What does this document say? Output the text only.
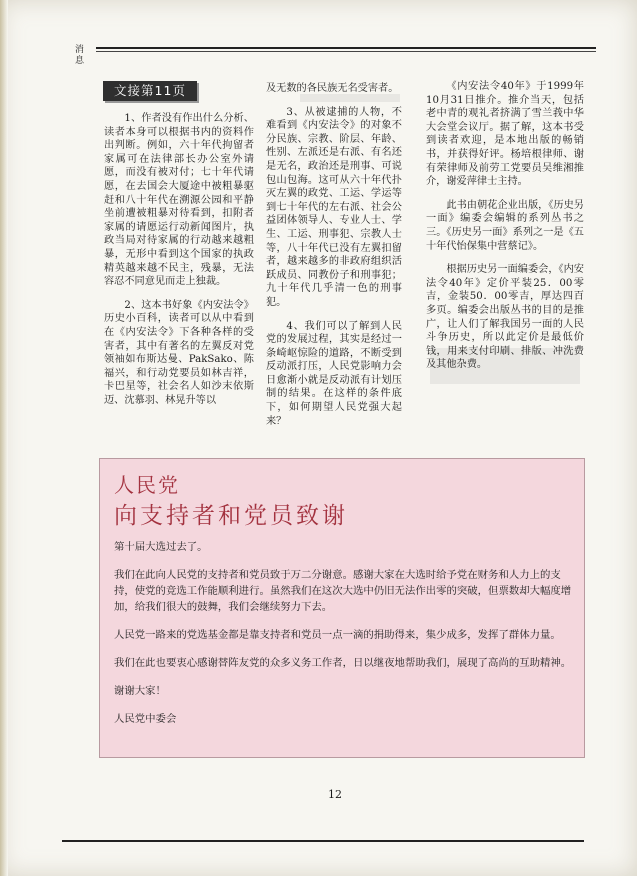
消息
文接第11页

1、作者没有作出什么分析、读者本身可以根据书内的资料作出判断。例如，六十年代拘留者家属可在法律部长办公室外请愿，而没有被对付；七十年代请愿，在去国会大厦途中被粗暴驱赶和八十年代在溯源公园和平静坐前遭被粗暴对待看到，扣附者家属的请愿运行动新闻图片，执政当局对待家属的行动越来越粗暴，无形中看到这个国家的执政精英越来越不民主，残暴，无法容忍不同意见而走上独裁。

2、这本书好象《内安法令》历史小百科，读者可以从中看到在《内安法令》下各种各样的受害者，其中有著名的左翼反对党领袖如布斯达曼、PakSako、陈福兴，和行动党要员如林吉祥，卡巴星等，社会名人如沙末依斯迈、沈慕羽、林晃升等以

及无数的各民族无名受害者。

3、从被逮捕的人物，不难看到《内安法令》的对象不分民族、宗教、阶层、年龄、性别、左派还是右派、有名还是无名，政治还是刑事、可说包山包海。这可从六十年代扑灭左翼的政党、工运、学运等到七十年代的左右派、社会公益团体领导人、专业人士、学生、工运、刑事犯、宗教人士等，八十年代已没有左翼扣留者，越来越多的非政府组织活跃成员、同教份子和刑事犯；九十年代几乎清一色的刑事犯。

4、我们可以了解到人民党的发展过程，其实是经过一条崎岖惊险的道路，不断受到反动派打压，人民党影响力会日愈渐小就是反动派有计划压制的结果。在这样的条件底下，如何期望人民党强大起来？

《内安法令40年》于1999年10月31日推介。推介当天，包括老中青的观礼者挤满了雪兰莪中华大会堂会议厅。据了解，这本书受到读者欢迎，是本地出版的畅销书，并获得好评。杨培根律师、谢有荣律师及前劳工党要员吴维湘推介，谢爱萍律士主持。

此书由朝花企业出版，《历史另一面》编委会编辑的系列丛书之三。《历史另一面》系列之一是《五十年代怡保集中营蔡记》。

根据历史另一面编委会，《内安法令40年》定价平装25．00零吉，金装50．00零吉，厚达四百多页。编委会出版丛书的目的是推广，让人们了解我国另一面的人民斗争历史，所以此定价是最低价钱，用来支付印刷、排版、冲洗费及其他杂费。

人民党
向支持者和党员致谢

第十届大选过去了。

我们在此向人民党的支持者和党员致于万二分谢意。感谢大家在大选时给予党在财务和人力上的支持，使党的竞选工作能顺利进行。虽然我们在这次大选中仍旧无法作出零的突破，但票数却大幅度增加，给我们很大的鼓舞，我们会继续努力下去。

人民党一路来的党选基金都是靠支持者和党员一点一滴的捐助得来，集少成多，发挥了群体力量。

我们在此也要衷心感谢替阵友党的众多义务工作者，日以继夜地帮助我们，展现了高尚的互助精神。

谢谢大家！

人民党中委会

12
